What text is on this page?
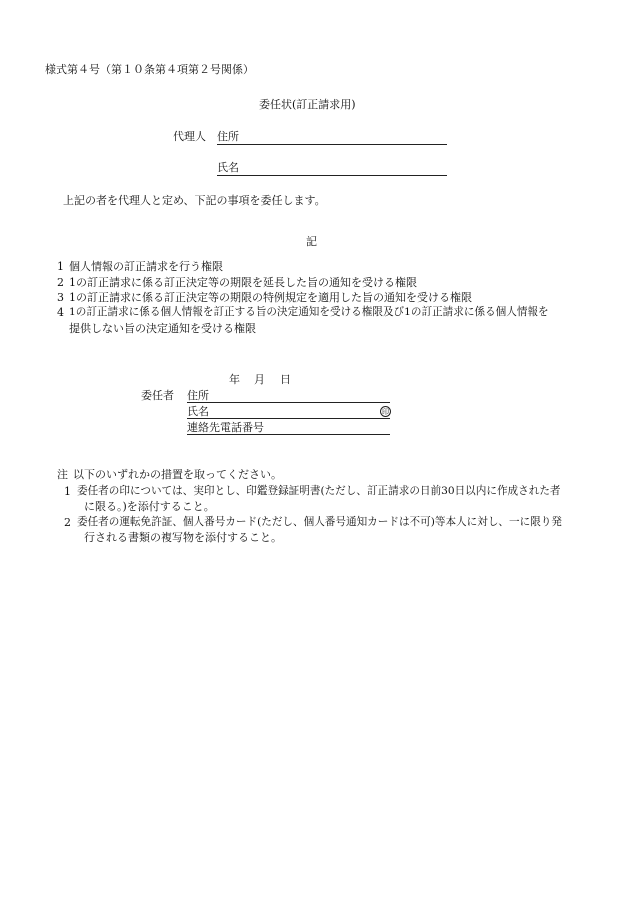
様式第４号（第１０条第４項第２号関係）
委任状(訂正請求用)
代理人 住所
氏名
上記の者を代理人と定め、下記の事項を委任します。
記
1 個人情報の訂正請求を行う権限
2 1の訂正請求に係る訂正決定等の期限を延長した旨の通知を受ける権限
3 1の訂正請求に係る訂正決定等の期限の特例規定を適用した旨の通知を受ける権限
4 1の訂正請求に係る個人情報を訂正する旨の決定通知を受ける権限及び1の訂正請求に係る個人情報を
提供しない旨の決定通知を受ける権限
年 月 日
委任者 住所
氏名	印
連絡先電話番号
注 以下のいずれかの措置を取ってください。
1 委任者の印については、実印とし、印鑑登録証明書(ただし、訂正請求の日前30日以内に作成された者
に限る。)を添付すること。
2 委任者の運転免許証、個人番号カード(ただし、個人番号通知カードは不可)等本人に対し、一に限り発
行される書類の複写物を添付すること。
